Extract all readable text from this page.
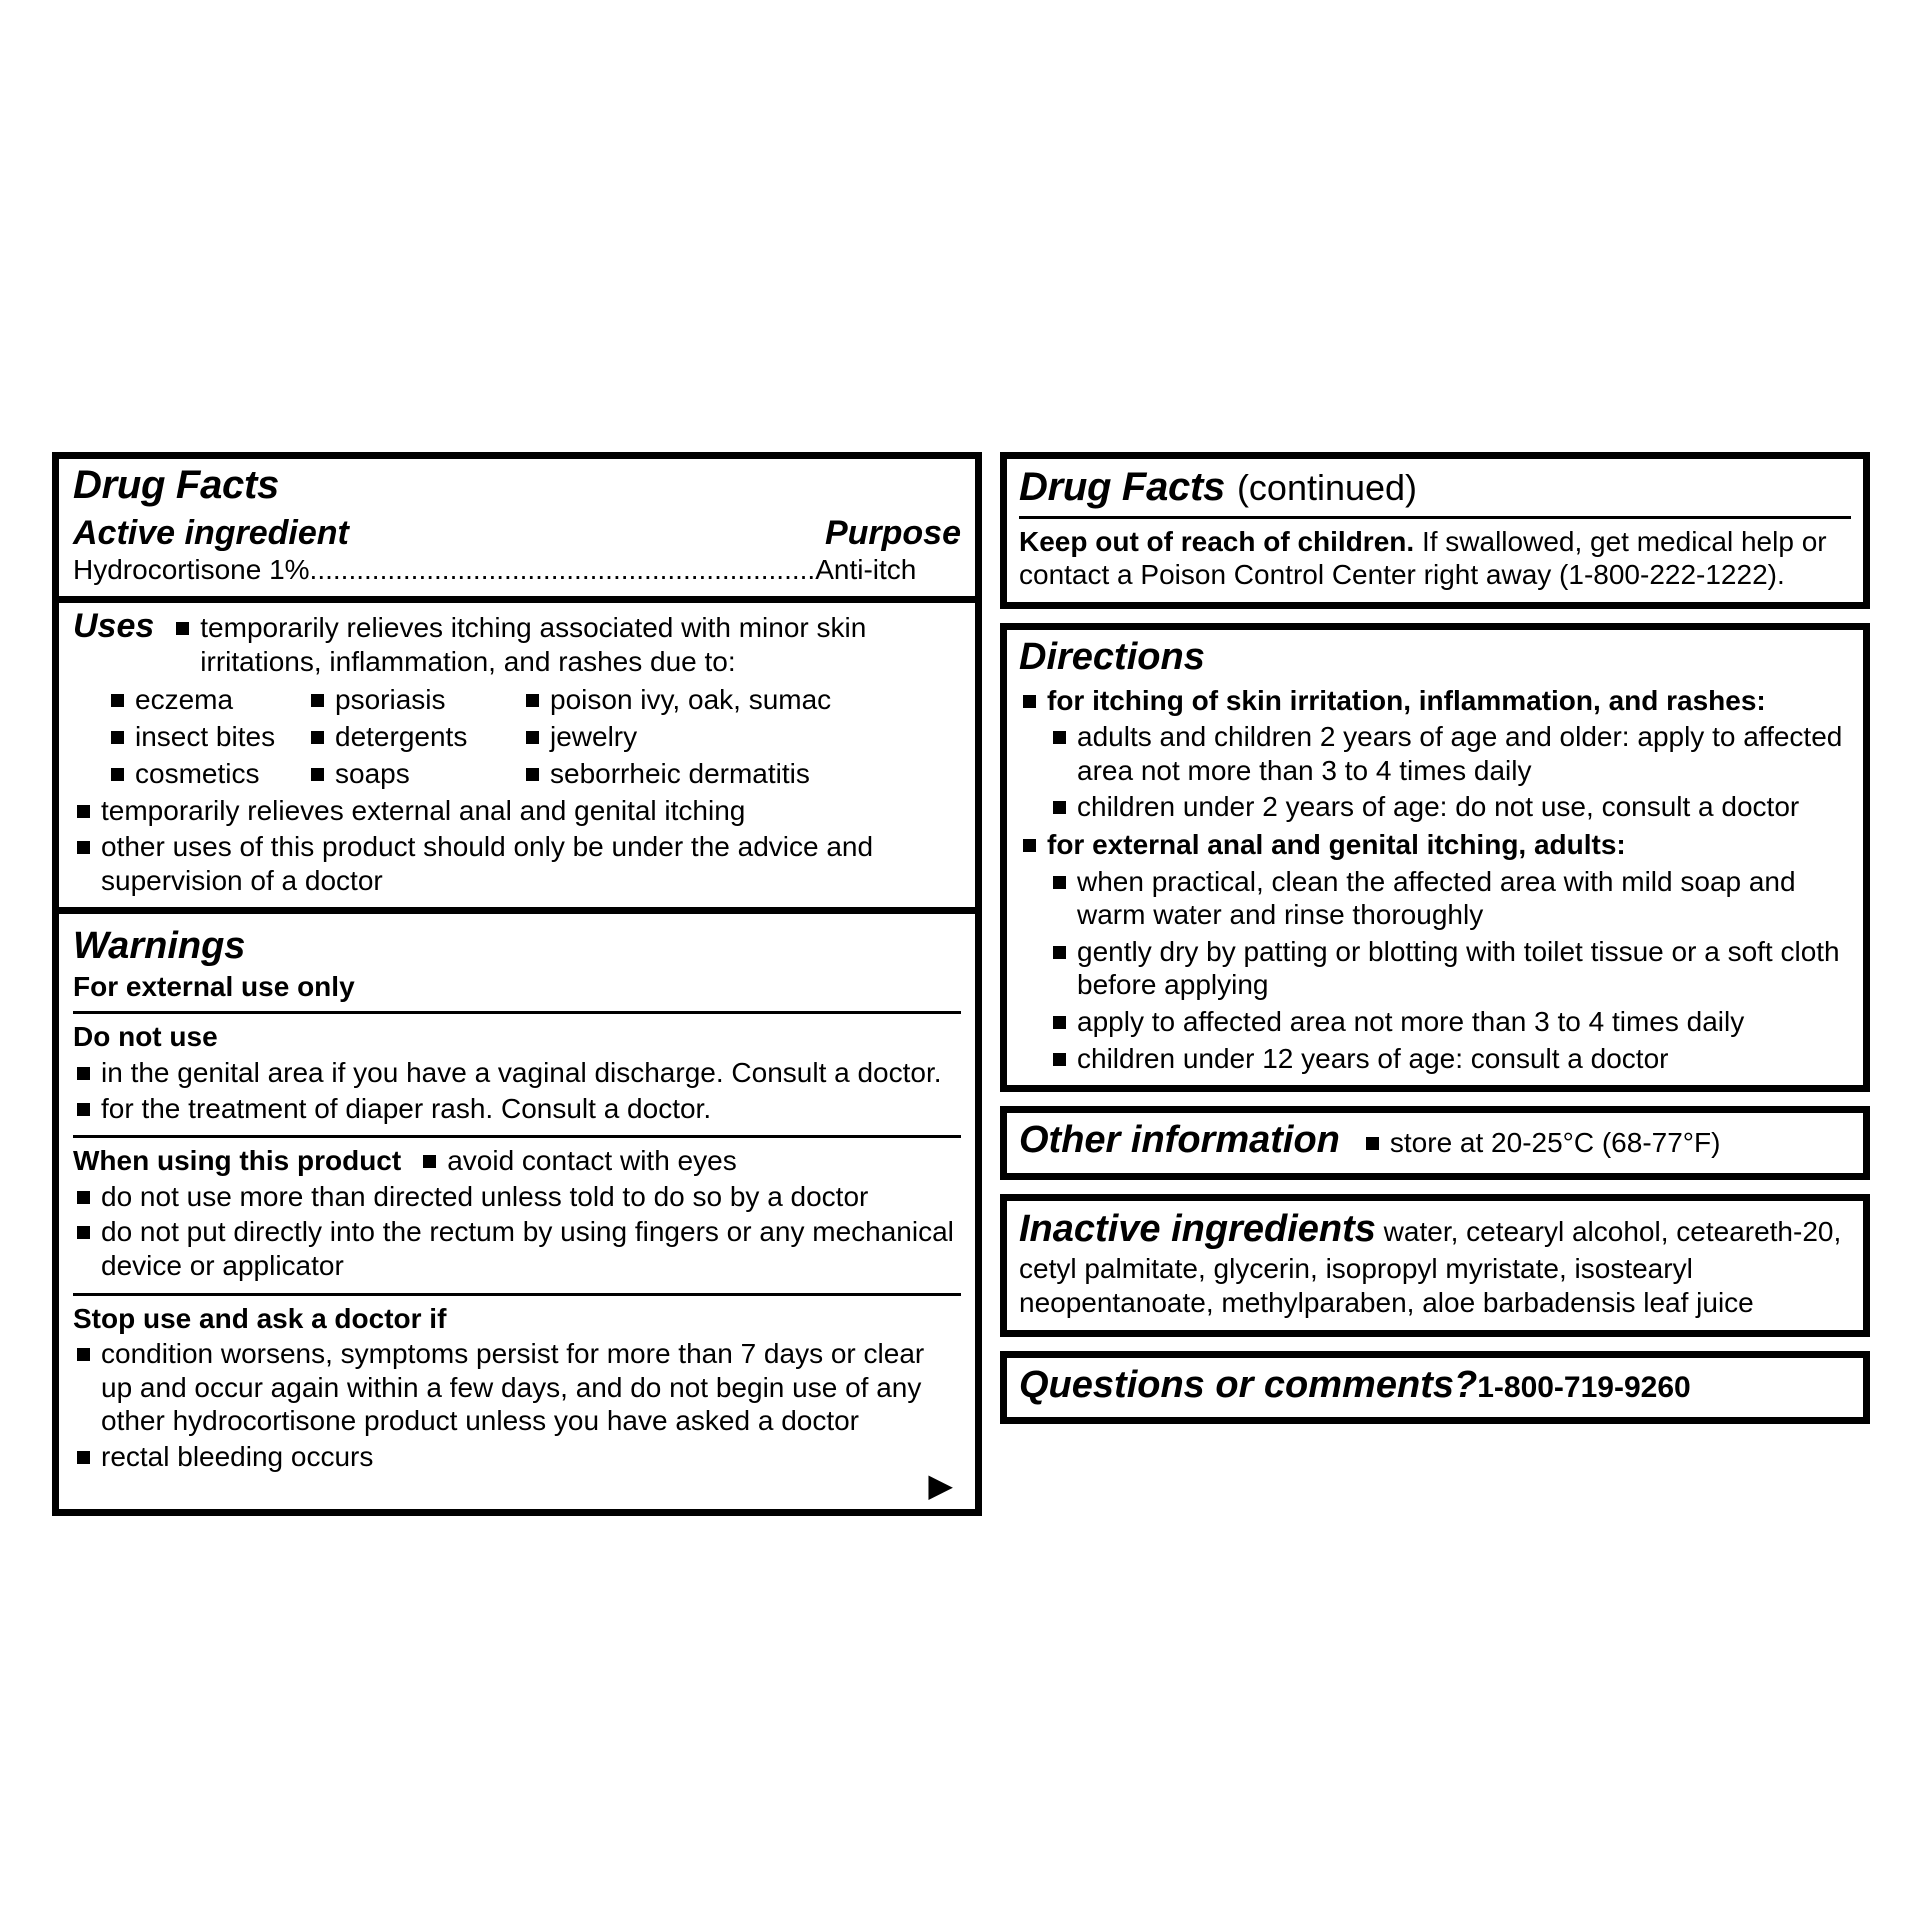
Drug Facts
Active ingredient	Purpose
Hydrocortisone 1%.................................................................Anti-itch
Uses	temporarily relieves itching associated with minor skin irritations, inflammation, and rashes due to:
eczema	psoriasis	poison ivy, oak, sumac
insect bites	detergents	jewelry
cosmetics	soaps	seborrheic dermatitis
temporarily relieves external anal and genital itching
other uses of this product should only be under the advice and supervision of a doctor
Warnings
For external use only
Do not use
in the genital area if you have a vaginal discharge. Consult a doctor.
for the treatment of diaper rash. Consult a doctor.
When using this product	avoid contact with eyes
do not use more than directed unless told to do so by a doctor
do not put directly into the rectum by using fingers or any mechanical device or applicator
Stop use and ask a doctor if
condition worsens, symptoms persist for more than 7 days or clear up and occur again within a few days, and do not begin use of any other hydrocortisone product unless you have asked a doctor
rectal bleeding occurs
▶
Drug Facts (continued)
Keep out of reach of children. If swallowed, get medical help or contact a Poison Control Center right away (1-800-222-1222).
Directions
for itching of skin irritation, inflammation, and rashes:
adults and children 2 years of age and older: apply to affected area not more than 3 to 4 times daily
children under 2 years of age: do not use, consult a doctor
for external anal and genital itching, adults:
when practical, clean the affected area with mild soap and warm water and rinse thoroughly
gently dry by patting or blotting with toilet tissue or a soft cloth before applying
apply to affected area not more than 3 to 4 times daily
children under 12 years of age: consult a doctor
Other information	store at 20-25°C (68-77°F)
Inactive ingredients water, cetearyl alcohol, ceteareth-20, cetyl palmitate, glycerin, isopropyl myristate, isostearyl neopentanoate, methylparaben, aloe barbadensis leaf juice
Questions or comments? 1-800-719-9260
